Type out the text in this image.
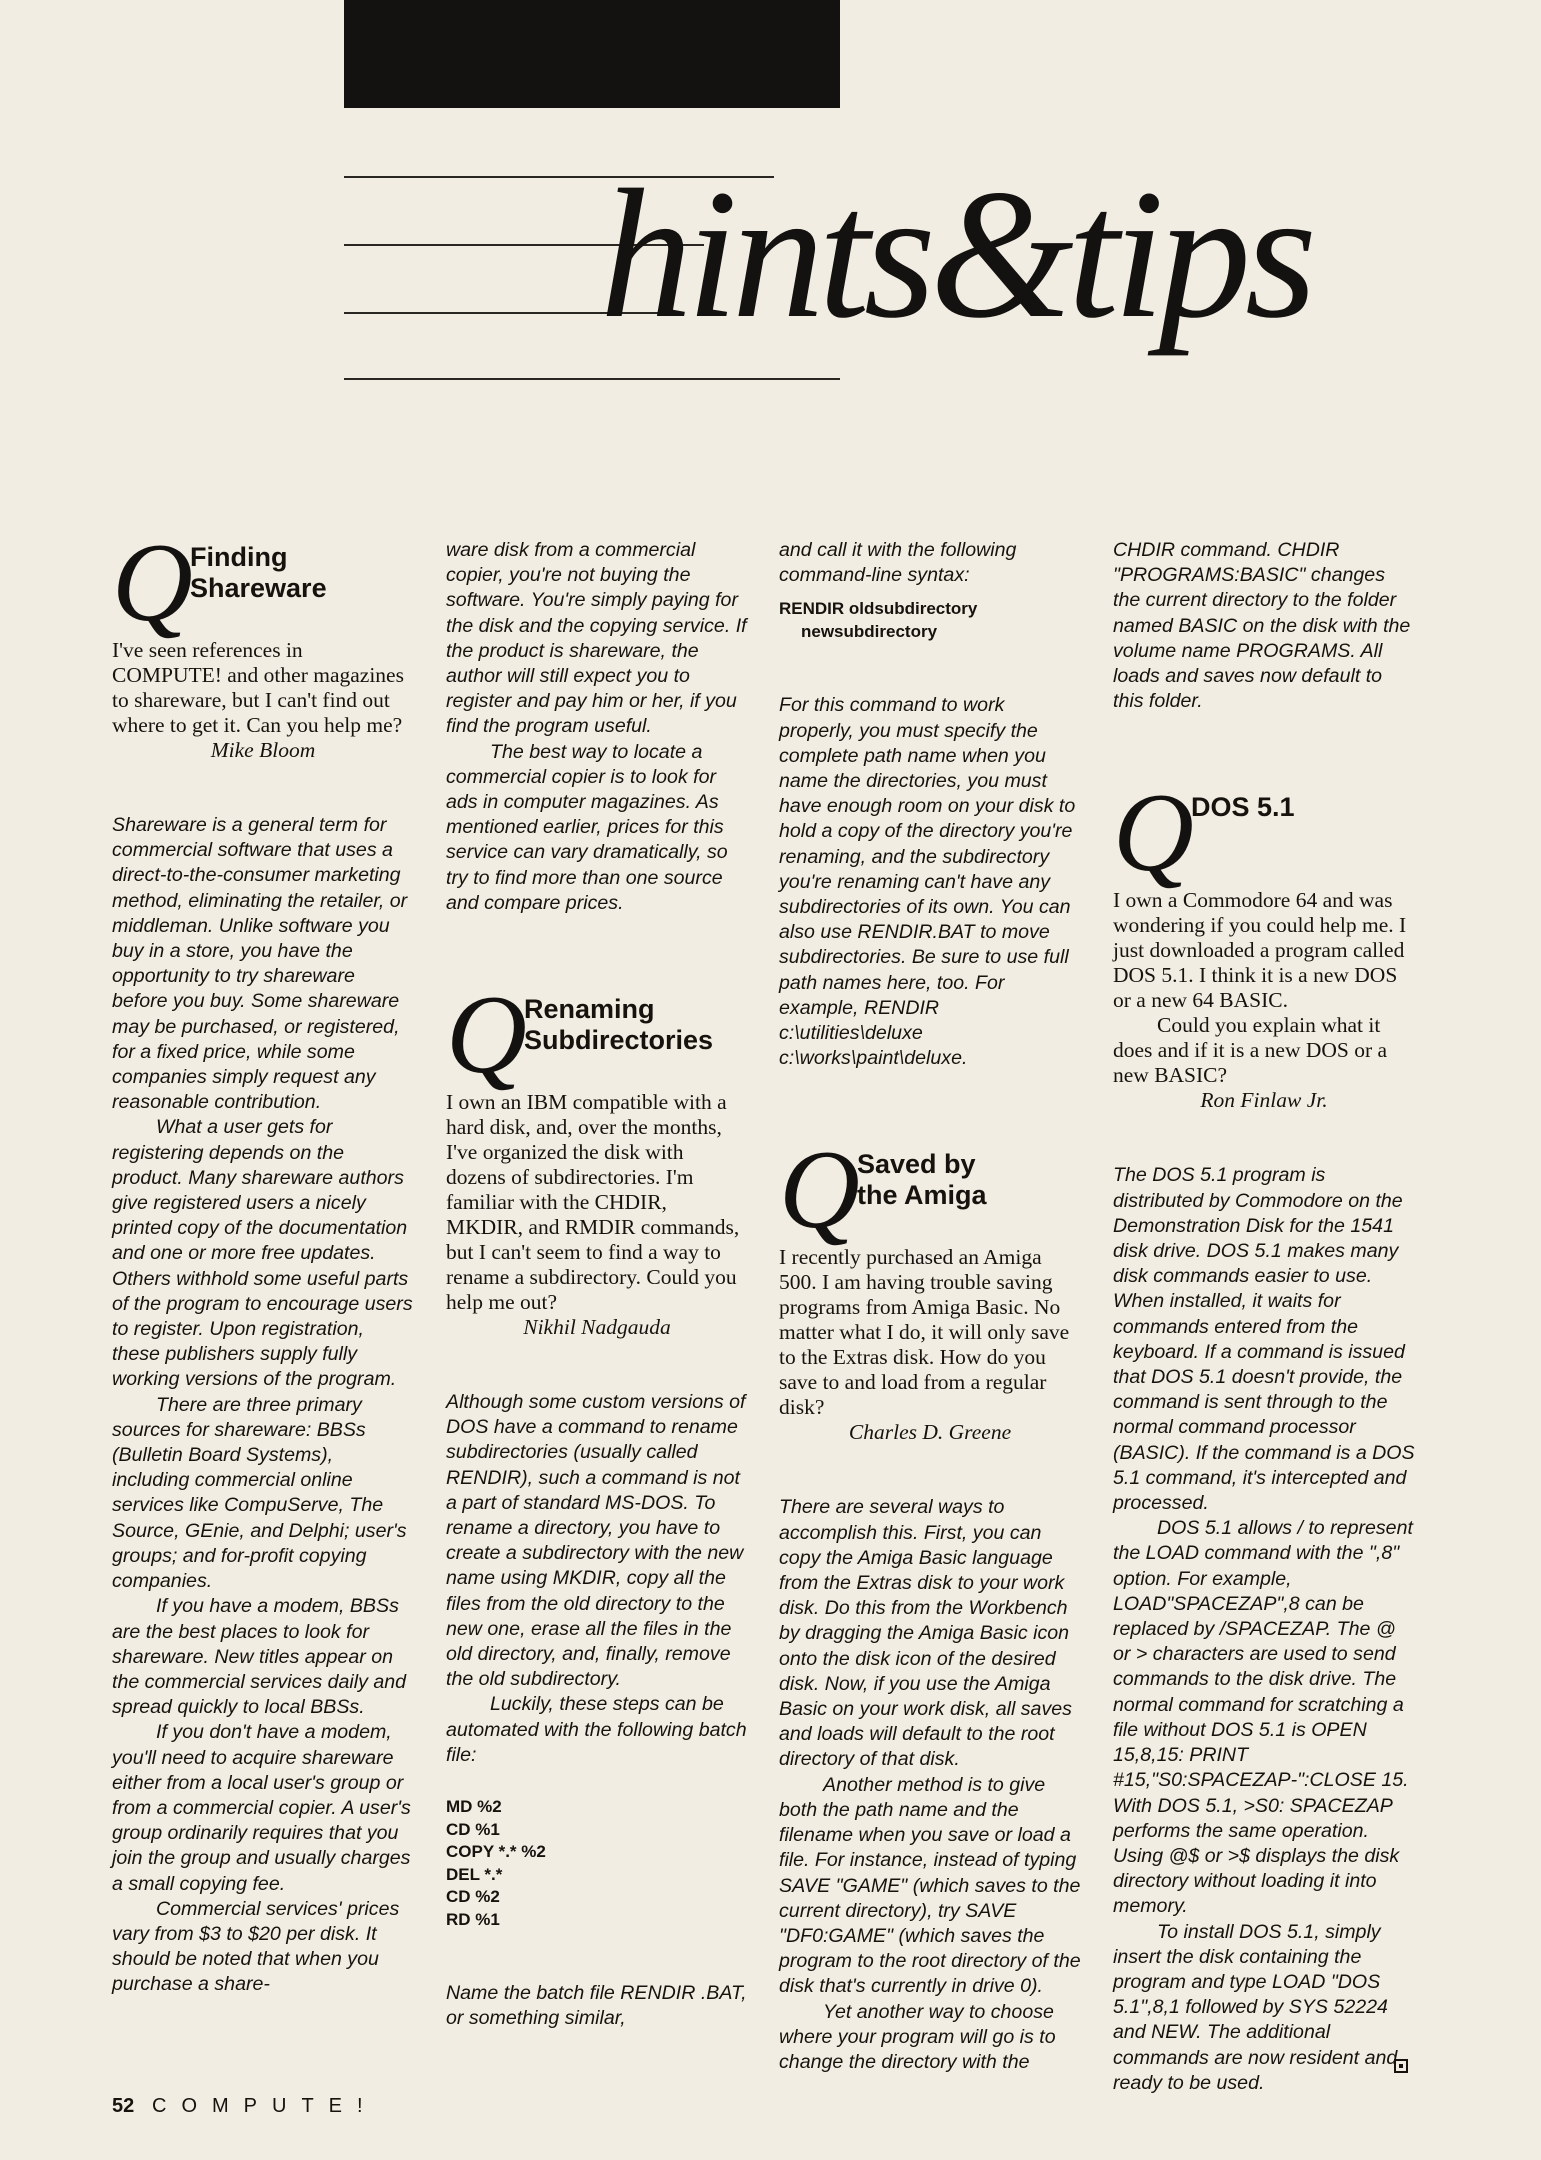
hints&tips
Q
Finding
Shareware

I've seen references in COMPUTE! and other magazines to shareware, but I can't find out where to get it. Can you help me?

Mike Bloom

Shareware is a general term for commercial software that uses a direct-to-the-consumer marketing method, eliminating the retailer, or middleman. Unlike software you buy in a store, you have the opportunity to try shareware before you buy. Some shareware may be purchased, or registered, for a fixed price, while some companies simply request any reasonable contribution.

What a user gets for registering depends on the product. Many shareware authors give registered users a nicely printed copy of the documentation and one or more free updates. Others withhold some useful parts of the program to encourage users to register. Upon registration, these publishers supply fully working versions of the program.

There are three primary sources for shareware: BBSs (Bulletin Board Systems), including commercial online services like CompuServe, The Source, GEnie, and Delphi; user's groups; and for-profit copying companies.

If you have a modem, BBSs are the best places to look for shareware. New titles appear on the commercial services daily and spread quickly to local BBSs.

If you don't have a modem, you'll need to acquire shareware either from a local user's group or from a commercial copier. A user's group ordinarily requires that you join the group and usually charges a small copying fee.

Commercial services' prices vary from $3 to $20 per disk. It should be noted that when you purchase a share-

ware disk from a commercial copier, you're not buying the software. You're simply paying for the disk and the copying service. If the product is shareware, the author will still expect you to register and pay him or her, if you find the program useful.

The best way to locate a commercial copier is to look for ads in computer magazines. As mentioned earlier, prices for this service can vary dramatically, so try to find more than one source and compare prices.

Q
Renaming
Subdirectories

I own an IBM compatible with a hard disk, and, over the months, I've organized the disk with dozens of subdirectories. I'm familiar with the CHDIR, MKDIR, and RMDIR commands, but I can't seem to find a way to rename a subdirectory. Could you help me out?

Nikhil Nadgauda

Although some custom versions of DOS have a command to rename subdirectories (usually called RENDIR), such a command is not a part of standard MS-DOS. To rename a directory, you have to create a subdirectory with the new name using MKDIR, copy all the files from the old directory to the new one, erase all the files in the old directory, and, finally, remove the old subdirectory.

Luckily, these steps can be automated with the following batch file:

MD %2
CD %1
COPY *.* %2
DEL *.*
CD %2
RD %1

Name the batch file RENDIR .BAT, or something similar,

and call it with the following command-line syntax:

RENDIR oldsubdirectory
newsubdirectory

For this command to work properly, you must specify the complete path name when you name the directories, you must have enough room on your disk to hold a copy of the directory you're renaming, and the subdirectory you're renaming can't have any subdirectories of its own. You can also use RENDIR.BAT to move subdirectories. Be sure to use full path names here, too. For example, RENDIR c:\utilities\deluxe c:\works\paint\deluxe.

Q
Saved by
the Amiga

I recently purchased an Amiga 500. I am having trouble saving programs from Amiga Basic. No matter what I do, it will only save to the Extras disk. How do you save to and load from a regular disk?

Charles D. Greene

There are several ways to accomplish this. First, you can copy the Amiga Basic language from the Extras disk to your work disk. Do this from the Workbench by dragging the Amiga Basic icon onto the disk icon of the desired disk. Now, if you use the Amiga Basic on your work disk, all saves and loads will default to the root directory of that disk.

Another method is to give both the path name and the filename when you save or load a file. For instance, instead of typing SAVE "GAME" (which saves to the current directory), try SAVE "DF0:GAME" (which saves the program to the root directory of the disk that's currently in drive 0).

Yet another way to choose where your program will go is to change the directory with the

CHDIR command. CHDIR "PROGRAMS:BASIC" changes the current directory to the folder named BASIC on the disk with the volume name PROGRAMS. All loads and saves now default to this folder.

Q
DOS 5.1

I own a Commodore 64 and was wondering if you could help me. I just downloaded a program called DOS 5.1. I think it is a new DOS or a new 64 BASIC.

Could you explain what it does and if it is a new DOS or a new BASIC?

Ron Finlaw Jr.

The DOS 5.1 program is distributed by Commodore on the Demonstration Disk for the 1541 disk drive. DOS 5.1 makes many disk commands easier to use. When installed, it waits for commands entered from the keyboard. If a command is issued that DOS 5.1 doesn't provide, the command is sent through to the normal command processor (BASIC). If the command is a DOS 5.1 command, it's intercepted and processed.

DOS 5.1 allows / to represent the LOAD command with the ",8" option. For example, LOAD"SPACEZAP",8 can be replaced by /SPACEZAP. The @ or > characters are used to send commands to the disk drive. The normal command for scratching a file without DOS 5.1 is OPEN 15,8,15: PRINT #15,"S0:SPACEZAP-":CLOSE 15. With DOS 5.1, >S0: SPACEZAP performs the same operation. Using @$ or >$ displays the disk directory without loading it into memory.

To install DOS 5.1, simply insert the disk containing the program and type LOAD "DOS 5.1",8,1 followed by SYS 52224 and NEW. The additional commands are now resident and ready to be used.

52 COMPUTE!
